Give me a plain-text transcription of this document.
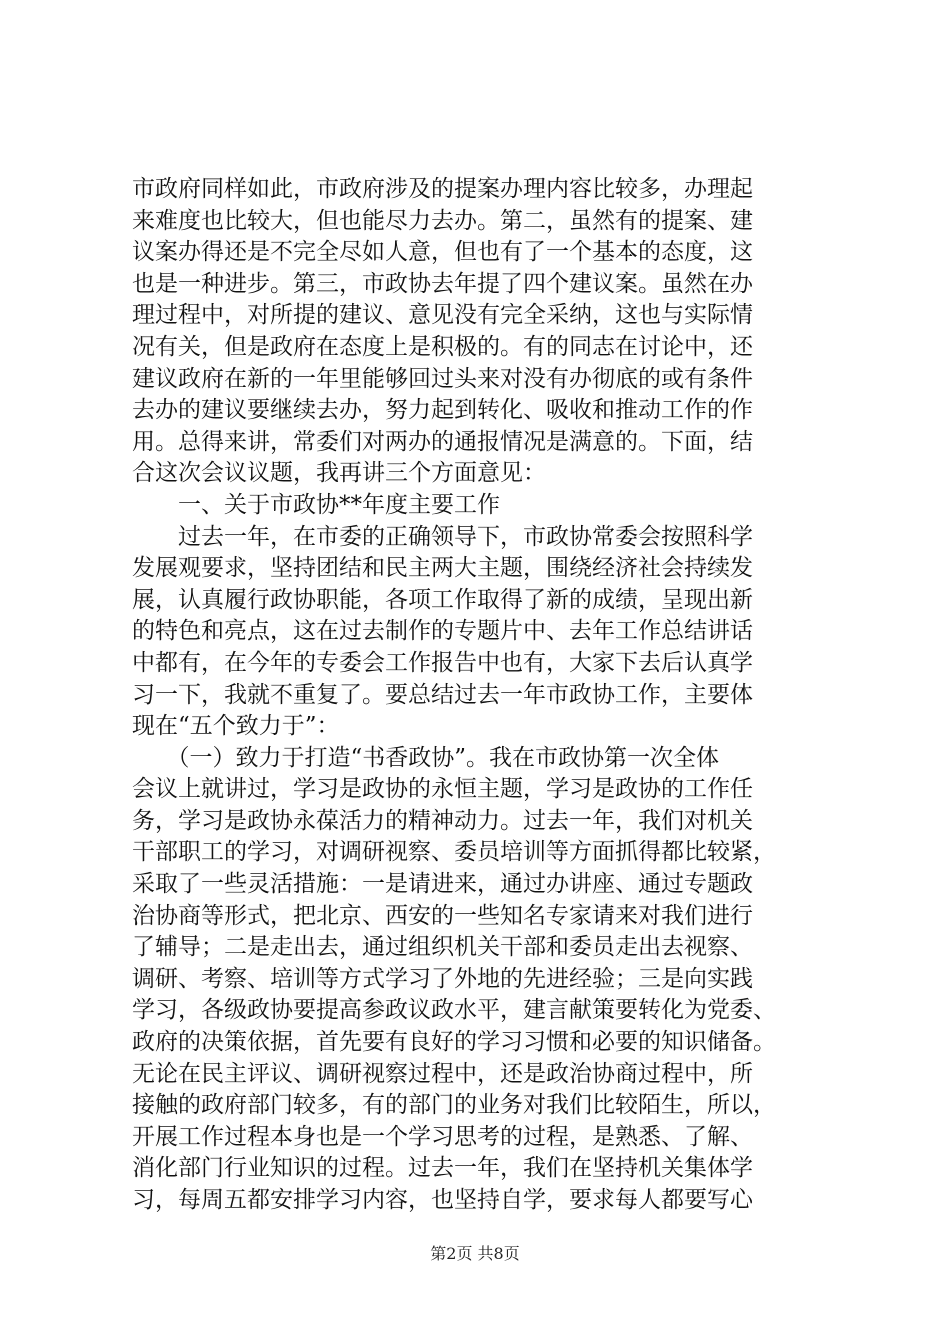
市政府同样如此，市政府涉及的提案办理内容比较多，办理起
来难度也比较大，但也能尽力去办。第二，虽然有的提案、建
议案办得还是不完全尽如人意，但也有了一个基本的态度，这
也是一种进步。第三，市政协去年提了四个建议案。虽然在办
理过程中，对所提的建议、意见没有完全采纳，这也与实际情
况有关，但是政府在态度上是积极的。有的同志在讨论中，还
建议政府在新的一年里能够回过头来对没有办彻底的或有条件
去办的建议要继续去办，努力起到转化、吸收和推动工作的作
用。总得来讲，常委们对两办的通报情况是满意的。下面，结
合这次会议议题，我再讲三个方面意见：
　　一、关于市政协**年度主要工作
　　过去一年，在市委的正确领导下，市政协常委会按照科学
发展观要求，坚持团结和民主两大主题，围绕经济社会持续发
展，认真履行政协职能，各项工作取得了新的成绩，呈现出新
的特色和亮点，这在过去制作的专题片中、去年工作总结讲话
中都有，在今年的专委会工作报告中也有，大家下去后认真学
习一下，我就不重复了。要总结过去一年市政协工作，主要体
现在“五个致力于”：
　　（一）致力于打造“书香政协”。我在市政协第一次全体
会议上就讲过，学习是政协的永恒主题，学习是政协的工作任
务，学习是政协永葆活力的精神动力。过去一年，我们对机关
干部职工的学习，对调研视察、委员培训等方面抓得都比较紧，
采取了一些灵活措施：一是请进来，通过办讲座、通过专题政
治协商等形式，把北京、西安的一些知名专家请来对我们进行
了辅导；二是走出去，通过组织机关干部和委员走出去视察、
调研、考察、培训等方式学习了外地的先进经验；三是向实践
学习，各级政协要提高参政议政水平，建言献策要转化为党委、
政府的决策依据，首先要有良好的学习习惯和必要的知识储备。
无论在民主评议、调研视察过程中，还是政治协商过程中，所
接触的政府部门较多，有的部门的业务对我们比较陌生，所以，
开展工作过程本身也是一个学习思考的过程，是熟悉、了解、
消化部门行业知识的过程。过去一年，我们在坚持机关集体学
习，每周五都安排学习内容，也坚持自学，要求每人都要写心
第2页 共8页
